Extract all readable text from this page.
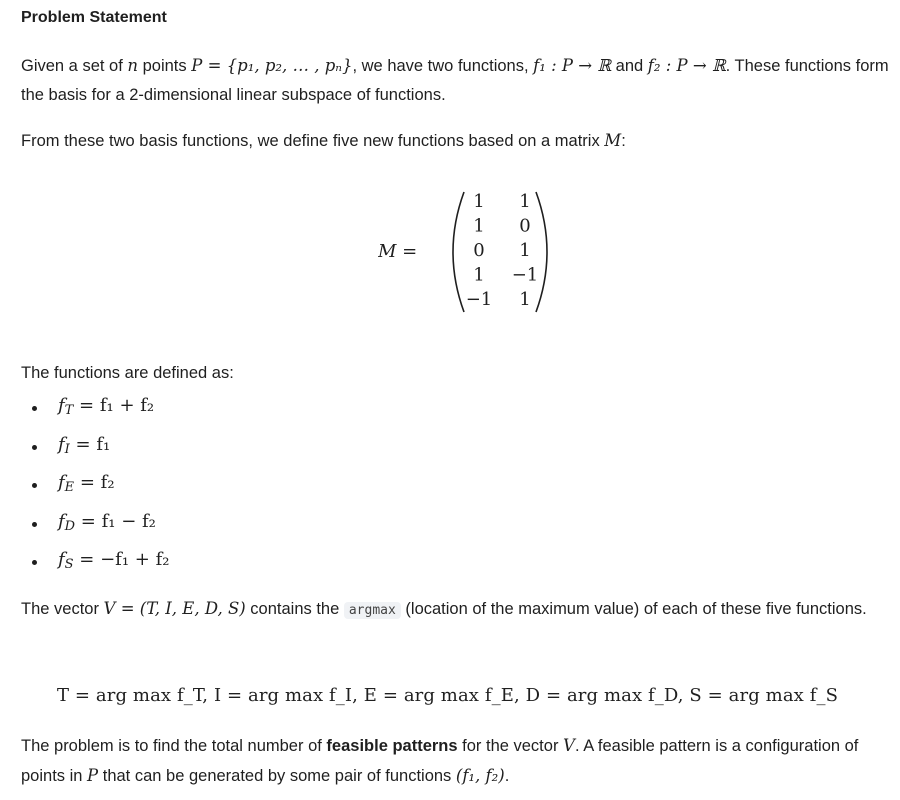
Problem Statement
Given a set of n points P = {p₁, p₂, … , pₙ}, we have two functions, f₁ : P → ℝ and f₂ : P → ℝ. These functions form the basis for a 2-dimensional linear subspace of functions.
From these two basis functions, we define five new functions based on a matrix M:
M =
1 1
1 0
0 1
1 −1
−1 1
The functions are defined as:
$f_T = f_1 + f_2$
$f_I = f_1$
$f_E = f_2$
$f_D = f_1 - f_2$
$f_S = -f_1 + f_2$
The vector V = (T, I, E, D, S) contains the argmax (location of the maximum value) of each of these five functions.
T = arg max f_T, I = arg max f_I, E = arg max f_E, D = arg max f_D, S = arg max f_S
The problem is to find the total number of feasible patterns for the vector V. A feasible pattern is a configuration of points in P that can be generated by some pair of functions (f₁, f₂).
